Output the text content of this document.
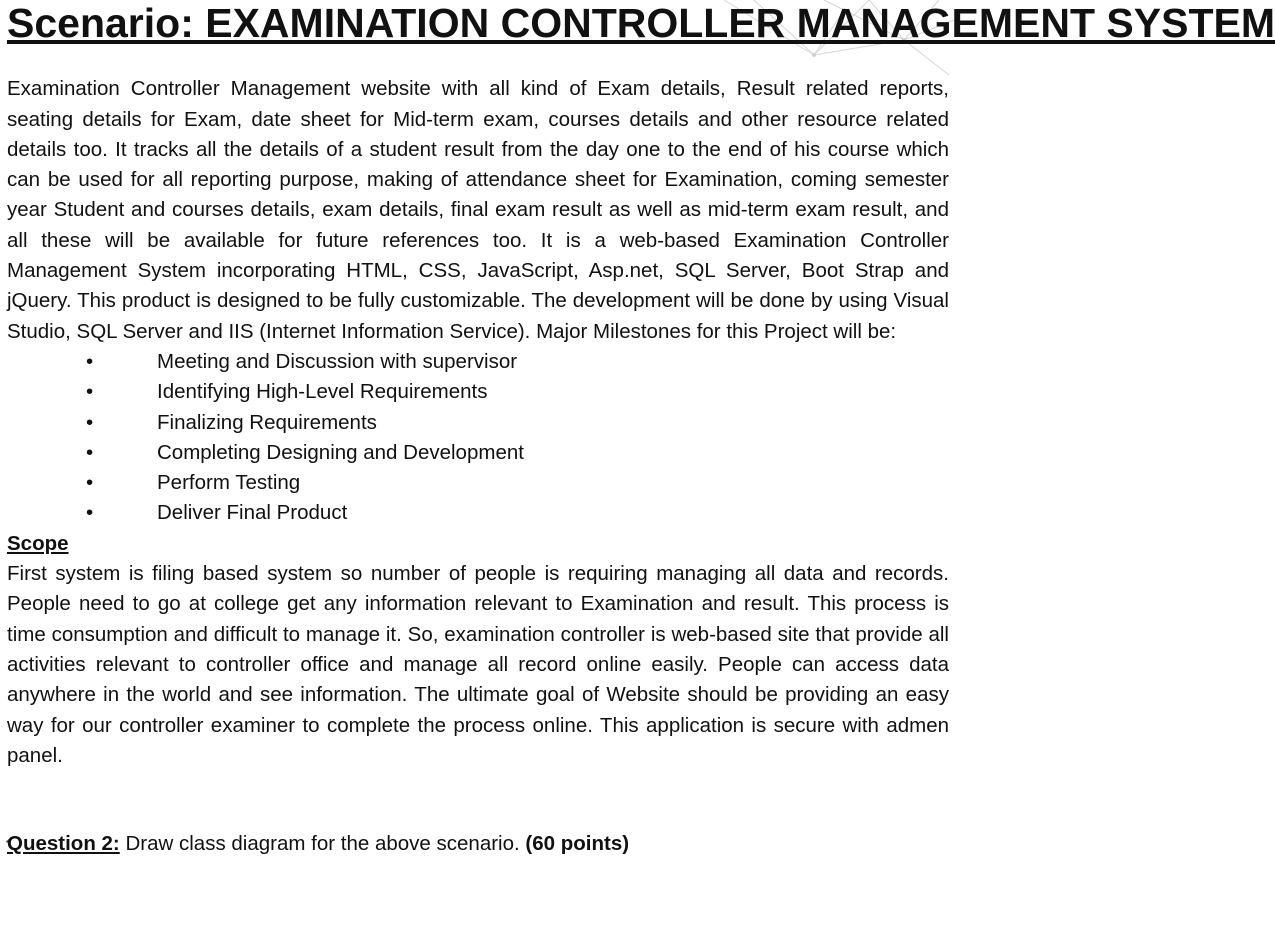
Scenario: EXAMINATION CONTROLLER MANAGEMENT SYSTEM

Examination Controller Management website with all kind of Exam details, Result related reports, seating details for Exam, date sheet for Mid-term exam, courses details and other resource related details too. It tracks all the details of a student result from the day one to the end of his course which can be used for all reporting purpose, making of attendance sheet for Examination, coming semester year Student and courses details, exam details, final exam result as well as mid-term exam result, and all these will be available for future references too. It is a web-based Examination Controller Management System incorporating HTML, CSS, JavaScript, Asp.net, SQL Server, Boot Strap and jQuery. This product is designed to be fully customizable. The development will be done by using Visual Studio, SQL Server and IIS (Internet Information Service). Major Milestones for this Project will be:

•	Meeting and Discussion with supervisor
•	Identifying High-Level Requirements
•	Finalizing Requirements
•	Completing Designing and Development
•	Perform Testing
•	Deliver Final Product
Scope

First system is filing based system so number of people is requiring managing all data and records. People need to go at college get any information relevant to Examination and result. This process is time consumption and difficult to manage it. So, examination controller is web-based site that provide all activities relevant to controller office and manage all record online easily. People can access data anywhere in the world and see information. The ultimate goal of Website should be providing an easy way for our controller examiner to complete the process online. This application is secure with admen panel.

Question 2: Draw class diagram for the above scenario. (60 points)
